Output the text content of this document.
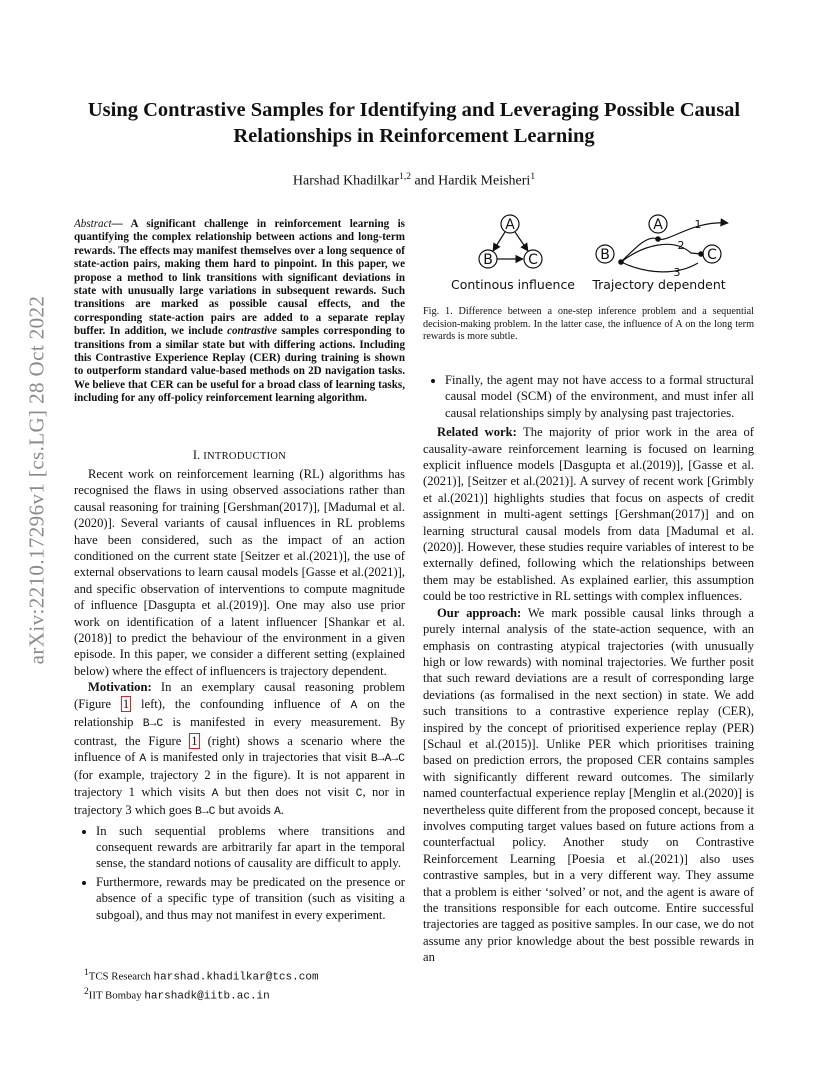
arXiv:2210.17296v1 [cs.LG] 28 Oct 2022
Using Contrastive Samples for Identifying and Leveraging Possible Causal Relationships in Reinforcement Learning
Harshad Khadilkar$^{1,2}$ and Hardik Meisheri$^1$
Abstract— A significant challenge in reinforcement learning is quantifying the complex relationship between actions and long-term rewards. The effects may manifest themselves over a long sequence of state-action pairs, making them hard to pinpoint. In this paper, we propose a method to link transitions with significant deviations in state with unusually large variations in subsequent rewards. Such transitions are marked as possible causal effects, and the corresponding state-action pairs are added to a separate replay buffer. In addition, we include contrastive samples corresponding to transitions from a similar state but with differing actions. Including this Contrastive Experience Replay (CER) during training is shown to outperform standard value-based methods on 2D navigation tasks. We believe that CER can be useful for a broad class of learning tasks, including for any off-policy reinforcement learning algorithm.
I. INTRODUCTION

Recent work on reinforcement learning (RL) algorithms has recognised the flaws in using observed associations rather than causal reasoning for training [Gershman(2017)], [Madumal et al.(2020)]. Several variants of causal influences in RL problems have been considered, such as the impact of an action conditioned on the current state [Seitzer et al.(2021)], the use of external observations to learn causal models [Gasse et al.(2021)], and specific observation of interventions to compute magnitude of influence [Dasgupta et al.(2019)]. One may also use prior work on identification of a latent influencer [Shankar et al.(2018)] to predict the behaviour of the environment in a given episode. In this paper, we consider a different setting (explained below) where the effect of influencers is trajectory dependent.

Motivation: In an exemplary causal reasoning problem (Figure 1 left), the confounding influence of A on the relationship B→C is manifested in every measurement. By contrast, the Figure 1 (right) shows a scenario where the influence of A is manifested only in trajectories that visit B→A→C (for example, trajectory 2 in the figure). It is not apparent in trajectory 1 which visits A but then does not visit C, nor in trajectory 3 which goes B→C but avoids A.

• In such sequential problems where transitions and consequent rewards are arbitrarily far apart in the temporal sense, the standard notions of causality are difficult to apply.
• Furthermore, rewards may be predicated on the presence or absence of a specific type of transition (such as visiting a subgoal), and thus may not manifest in every experiment.
$^1$TCS Research harshad.khadilkar@tcs.com
$^2$IIT Bombay harshadk@iitb.ac.in
A
B	C
Continous influence
A
B	C
1
2
3
Trajectory dependent
Fig. 1. Difference between a one-step inference problem and a sequential decision-making problem. In the latter case, the influence of A on the long term rewards is more subtle.
• Finally, the agent may not have access to a formal structural causal model (SCM) of the environment, and must infer all causal relationships simply by analysing past trajectories.

Related work: The majority of prior work in the area of causality-aware reinforcement learning is focused on learning explicit influence models [Dasgupta et al.(2019)], [Gasse et al.(2021)], [Seitzer et al.(2021)]. A survey of recent work [Grimbly et al.(2021)] highlights studies that focus on aspects of credit assignment in multi-agent settings [Gershman(2017)] and on learning structural causal models from data [Madumal et al.(2020)]. However, these studies require variables of interest to be externally defined, following which the relationships between them may be established. As explained earlier, this assumption could be too restrictive in RL settings with complex influences.

Our approach: We mark possible causal links through a purely internal analysis of the state-action sequence, with an emphasis on contrasting atypical trajectories (with unusually high or low rewards) with nominal trajectories. We further posit that such reward deviations are a result of corresponding large deviations (as formalised in the next section) in state. We add such transitions to a contrastive experience replay (CER), inspired by the concept of prioritised experience replay (PER) [Schaul et al.(2015)]. Unlike PER which prioritises training based on prediction errors, the proposed CER contains samples with significantly different reward outcomes. The similarly named counterfactual experience replay [Menglin et al.(2020)] is nevertheless quite different from the proposed concept, because it involves computing target values based on future actions from a counterfactual policy. Another study on Contrastive Reinforcement Learning [Poesia et al.(2021)] also uses contrastive samples, but in a very different way. They assume that a problem is either ‘solved’ or not, and the agent is aware of the transitions responsible for each outcome. Entire successful trajectories are tagged as positive samples. In our case, we do not assume any prior knowledge about the best possible rewards in an
